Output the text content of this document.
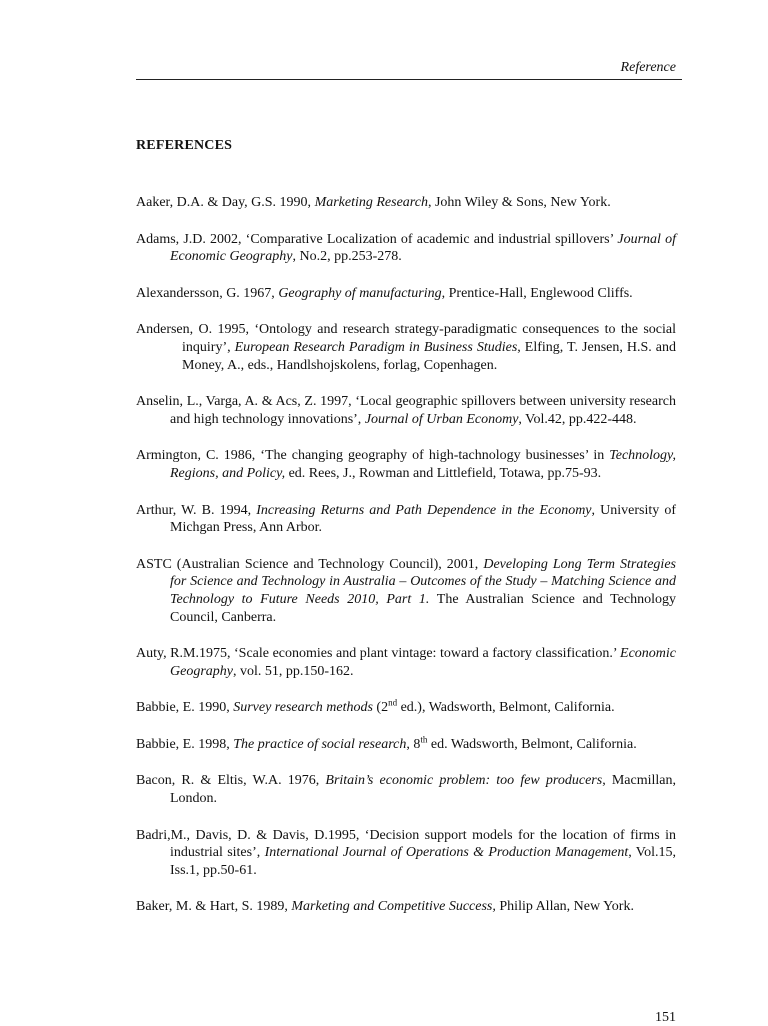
Reference
REFERENCES
Aaker, D.A. & Day, G.S. 1990, Marketing Research, John Wiley & Sons, New York.
Adams, J.D. 2002, ‘Comparative Localization of academic and industrial spillovers’ Journal of Economic Geography, No.2, pp.253-278.
Alexandersson, G. 1967, Geography of manufacturing, Prentice-Hall, Englewood Cliffs.
Andersen, O. 1995, ‘Ontology and research strategy-paradigmatic consequences to the social inquiry’, European Research Paradigm in Business Studies, Elfing, T. Jensen, H.S. and Money, A., eds., Handlshojskolens, forlag, Copenhagen.
Anselin, L., Varga, A. & Acs, Z. 1997, ‘Local geographic spillovers between university research and high technology innovations’, Journal of Urban Economy, Vol.42, pp.422-448.
Armington, C. 1986, ‘The changing geography of high-tachnology businesses’ in Technology, Regions, and Policy, ed. Rees, J., Rowman and Littlefield, Totawa, pp.75-93.
Arthur, W. B. 1994, Increasing Returns and Path Dependence in the Economy, University of Michgan Press, Ann Arbor.
ASTC (Australian Science and Technology Council), 2001, Developing Long Term Strategies for Science and Technology in Australia – Outcomes of the Study – Matching Science and Technology to Future Needs 2010, Part 1. The Australian Science and Technology Council, Canberra.
Auty, R.M.1975, ‘Scale economies and plant vintage: toward a factory classification.’ Economic Geography, vol. 51, pp.150-162.
Babbie, E. 1990, Survey research methods (2nd ed.), Wadsworth, Belmont, California.
Babbie, E. 1998, The practice of social research, 8th ed. Wadsworth, Belmont, California.
Bacon, R. & Eltis, W.A. 1976, Britain’s economic problem: too few producers, Macmillan, London.
Badri,M., Davis, D. & Davis, D.1995, ‘Decision support models for the location of firms in industrial sites’, International Journal of Operations & Production Management, Vol.15, Iss.1, pp.50-61.
Baker, M. & Hart, S. 1989, Marketing and Competitive Success, Philip Allan, New York.
151
